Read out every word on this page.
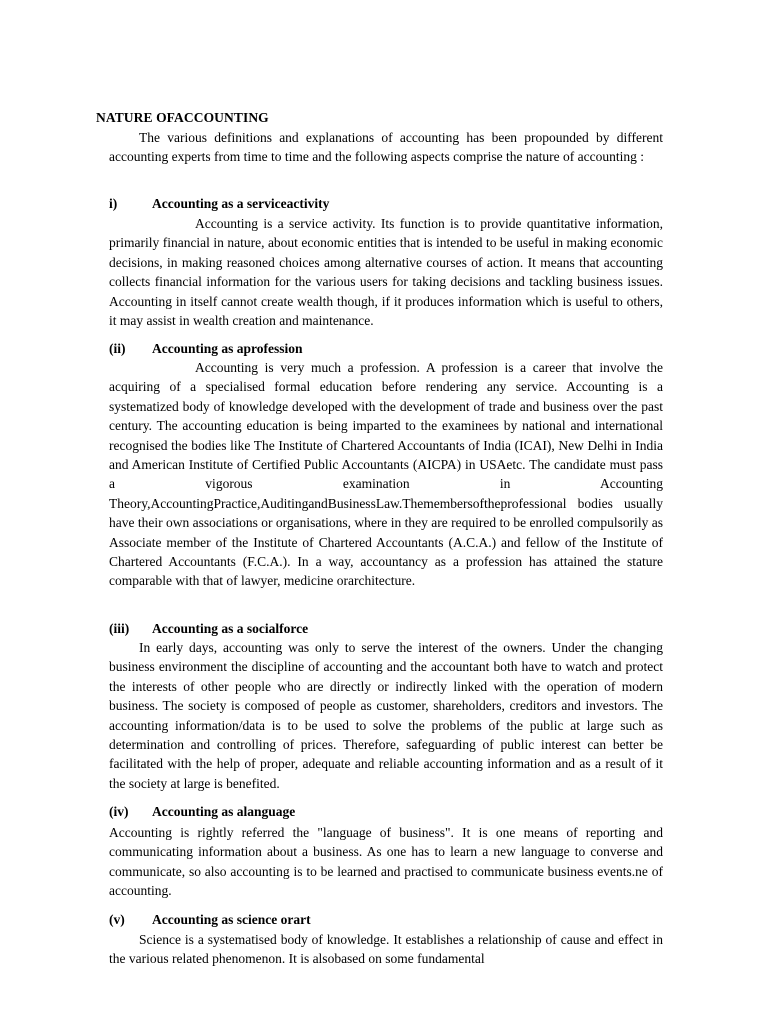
NATURE OFACCOUNTING

The various definitions and explanations of accounting has been propounded by different accounting experts from time to time and the following aspects comprise the nature of accounting :

i)	Accounting as a serviceactivity

Accounting is a service activity. Its function is to provide quantitative information, primarily financial in nature, about economic entities that is intended to be useful in making economic decisions, in making reasoned choices among alternative courses of action. It means that accounting collects financial information for the various users for taking decisions and tackling business issues. Accounting in itself cannot create wealth though, if it produces information which is useful to others, it may assist in wealth creation and maintenance.

(ii) Accounting as aprofession

Accounting is very much a profession. A profession is a career that involve the acquiring of a specialised formal education before rendering any service. Accounting is a systematized body of knowledge developed with the development of trade and business over the past century. The accounting education is being imparted to the examinees by national and international recognised the bodies like The Institute of Chartered Accountants of India (ICAI), New Delhi in India and American Institute of Certified Public Accountants (AICPA) in USAetc. The candidate must pass a vigorous examination in Accounting Theory,AccountingPractice,AuditingandBusinessLaw.Themembersoftheprofessional bodies usually have their own associations or organisations, where in they are required to be enrolled compulsorily as Associate member of the Institute of Chartered Accountants (A.C.A.) and fellow of the Institute of Chartered Accountants (F.C.A.). In a way, accountancy as a profession has attained the stature comparable with that of lawyer, medicine orarchitecture.

(iii) Accounting as a socialforce

In early days, accounting was only to serve the interest of the owners. Under the changing business environment the discipline of accounting and the accountant both have to watch and protect the interests of other people who are directly or indirectly linked with the operation of modern business. The society is composed of people as customer, shareholders, creditors and investors. The accounting information/data is to be used to solve the problems of the public at large such as determination and controlling of prices. Therefore, safeguarding of public interest can better be facilitated with the help of proper, adequate and reliable accounting information and as a result of it the society at large is benefited.

(iv) Accounting as alanguage

Accounting is rightly referred the "language of business". It is one means of reporting and communicating information about a business. As one has to learn a new language to converse and communicate, so also accounting is to be learned and practised to communicate business events.ne of accounting.

(v) Accounting as science orart

Science is a systematised body of knowledge. It establishes a relationship of cause and effect in the various related phenomenon. It is alsobased on some fundamental
